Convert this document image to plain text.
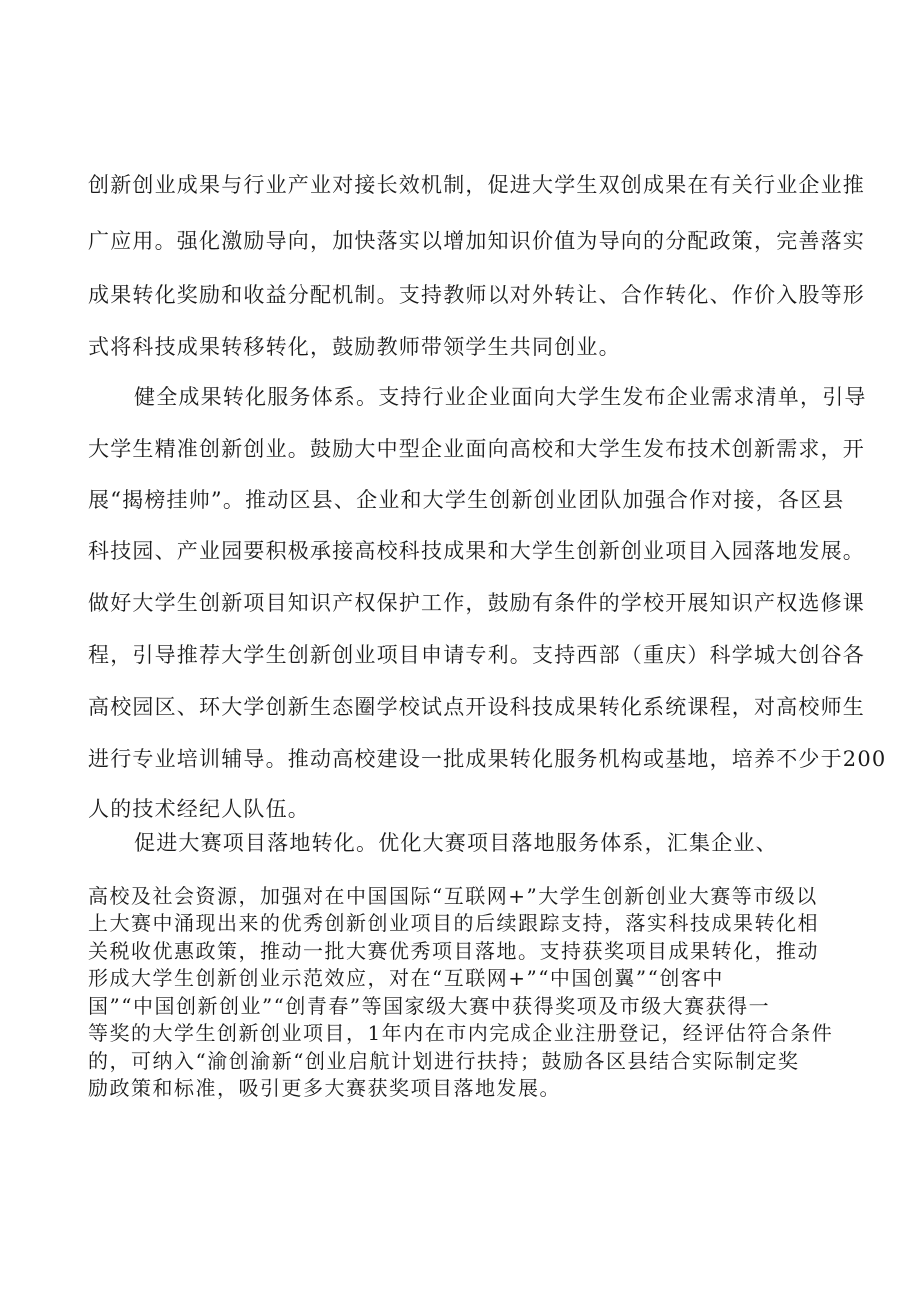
创新创业成果与行业产业对接长效机制，促进大学生双创成果在有关行业企业推

广应用。强化激励导向，加快落实以增加知识价值为导向的分配政策，完善落实

成果转化奖励和收益分配机制。支持教师以对外转让、合作转化、作价入股等形

式将科技成果转移转化，鼓励教师带领学生共同创业。

健全成果转化服务体系。支持行业企业面向大学生发布企业需求清单，引导

大学生精准创新创业。鼓励大中型企业面向高校和大学生发布技术创新需求，开

展“揭榜挂帅”。推动区县、企业和大学生创新创业团队加强合作对接，各区县

科技园、产业园要积极承接高校科技成果和大学生创新创业项目入园落地发展。

做好大学生创新项目知识产权保护工作，鼓励有条件的学校开展知识产权选修课

程，引导推荐大学生创新创业项目申请专利。支持西部（重庆）科学城大创谷各

高校园区、环大学创新生态圈学校试点开设科技成果转化系统课程，对高校师生

进行专业培训辅导。推动高校建设一批成果转化服务机构或基地，培养不少于200

人的技术经纪人队伍。

促进大赛项目落地转化。优化大赛项目落地服务体系，汇集企业、

高校及社会资源，加强对在中国国际“互联网+”大学生创新创业大赛等市级以

上大赛中涌现出来的优秀创新创业项目的后续跟踪支持，落实科技成果转化相

关税收优惠政策，推动一批大赛优秀项目落地。支持获奖项目成果转化，推动

形成大学生创新创业示范效应，对在“互联网+”“中国创翼”“创客中

国”“中国创新创业”“创青春”等国家级大赛中获得奖项及市级大赛获得一

等奖的大学生创新创业项目，1年内在市内完成企业注册登记，经评估符合条件

的，可纳入“渝创渝新“创业启航计划进行扶持；鼓励各区县结合实际制定奖

励政策和标准，吸引更多大赛获奖项目落地发展。
